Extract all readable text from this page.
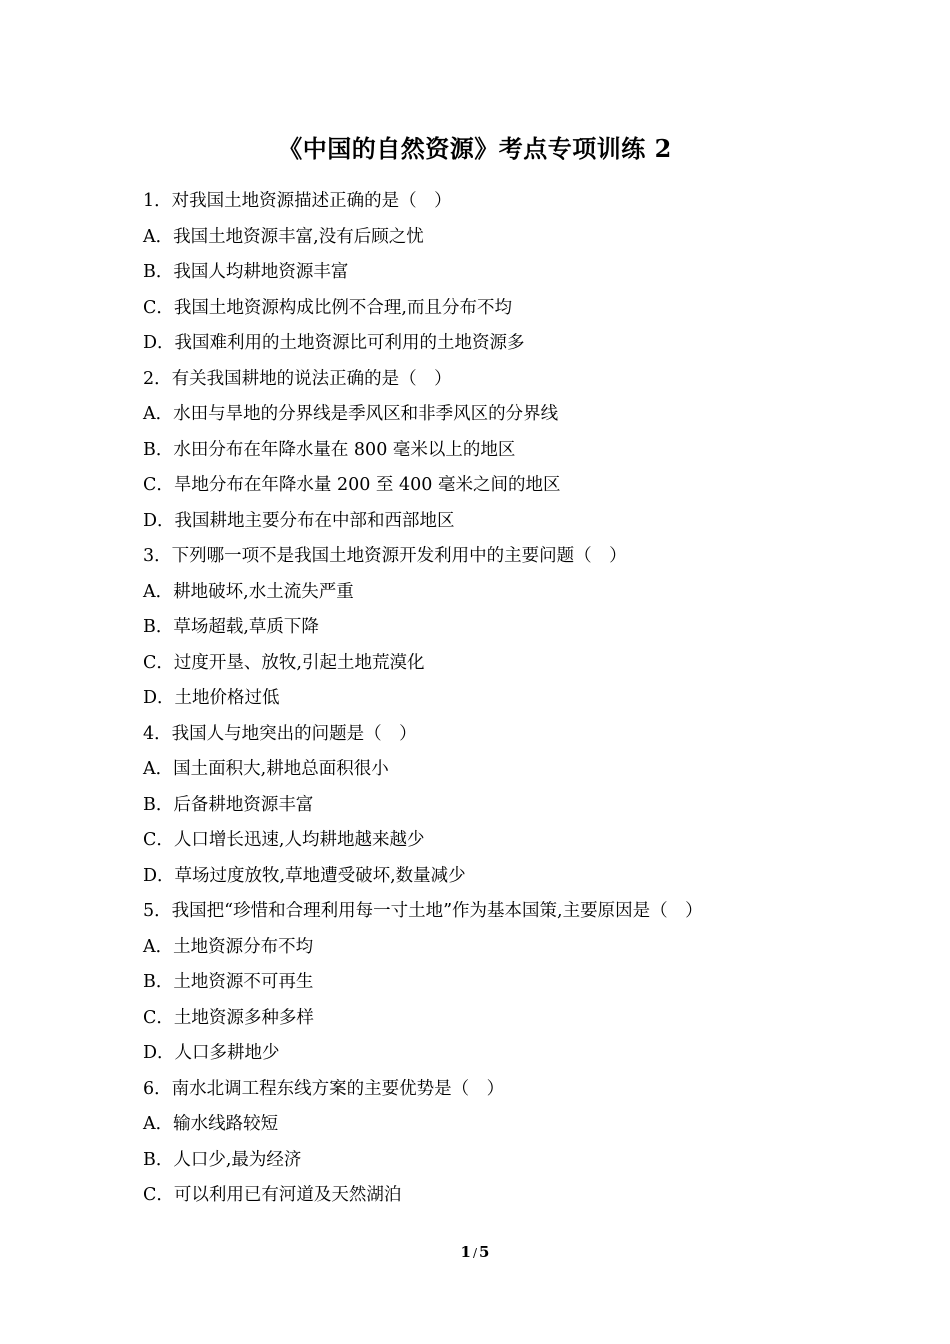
《中国的自然资源》考点专项训练 2
1．对我国土地资源描述正确的是（　）
A．我国土地资源丰富,没有后顾之忧
B．我国人均耕地资源丰富
C．我国土地资源构成比例不合理,而且分布不均
D．我国难利用的土地资源比可利用的土地资源多
2．有关我国耕地的说法正确的是（　）
A．水田与旱地的分界线是季风区和非季风区的分界线
B．水田分布在年降水量在 800 毫米以上的地区
C．旱地分布在年降水量 200 至 400 毫米之间的地区
D．我国耕地主要分布在中部和西部地区
3．下列哪一项不是我国土地资源开发利用中的主要问题（　）
A．耕地破坏,水土流失严重
B．草场超载,草质下降
C．过度开垦、放牧,引起土地荒漠化
D．土地价格过低
4．我国人与地突出的问题是（　）
A．国土面积大,耕地总面积很小
B．后备耕地资源丰富
C．人口增长迅速,人均耕地越来越少
D．草场过度放牧,草地遭受破坏,数量减少
5．我国把“珍惜和合理利用每一寸土地”作为基本国策,主要原因是（　）
A．土地资源分布不均
B．土地资源不可再生
C．土地资源多种多样
D．人口多耕地少
6．南水北调工程东线方案的主要优势是（　）
A．输水线路较短
B．人口少,最为经济
C．可以利用已有河道及天然湖泊
1 / 5
